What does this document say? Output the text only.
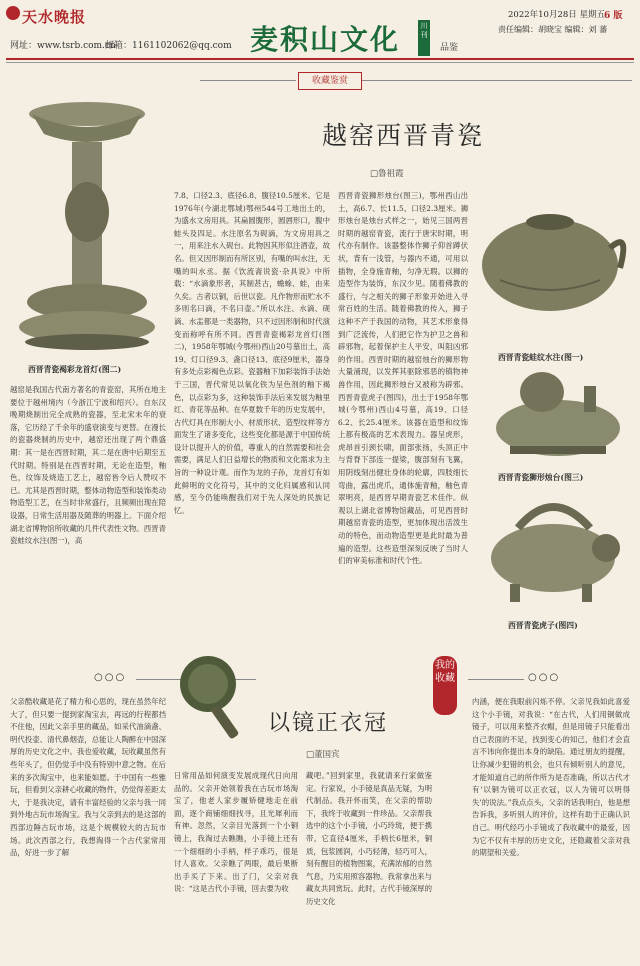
天水晚报
网址：www.tsrb.com.cn
邮箱：1161102062@qq.com 麦积山文化	川 刊
品鉴
2022年10月28日 星期五 6 版
责任编辑：胡晓宝 编辑：刘 蕃
收藏鉴赏
越窑西晋青瓷
□鲁祖霞
西晋青瓷褐彩龙首灯(图二)
越窑是我国古代南方著名的青瓷窑，其所在地主要位于越州境内（今浙江宁波和绍兴）。自东汉晚期烧制出完全成熟的瓷器，至北宋末年的衰落，它历经了千余年的盛衰演变与更替。在漫长的瓷器烧制的历史中，越窑还出现了两个鼎盛期：其一是在西晋时期，其二是在唐中后期至五代时期。特别是在西晋时期，无论在造型，釉色，纹饰及烧造工艺上，越窑皆令后人赞叹不已。尤其是西晋时期，整体动物造型和装饰类动物造型工艺，在当时非常盛行，且频频出现在陪设器，日常生活用器及随葬的明器上。下面介绍湖北省博物馆所收藏的几件代表性文物。西晋青瓷蛙纹水注(图一)，高
7.8、口径2.3、底径6.8、腹径10.5厘米。它是1976年(今湖北鄂城)鄂州544号工地出土的，为盛水文房用具。其扁圆腹形，圆唇形口，腹中蛙头及四足。水注原名为砚滴，为文房用具之一，用来注水入砚台。此物因其形似注酒壶，故名。但又因形制而有所区别，有嘴的叫水注，无嘴的叫水丞。据《饮流斋说瓷·杂具说》中所载：“水滴象形者，其制甚古，蟾蜍、蛙，由来久矣。古者以铜，后世以瓷。凡作物形而贮水不多则名曰滴，不名曰壶。”所以水注、水滴、砚滴、水盂都是一类器物，只不过因形制和时代演变而称呼有所不同。西晋青瓷褐彩龙首灯(图二)，1958年鄂城(今鄂州)西山20号墓出土，高19、灯口径9.3、盏口径13、底径9厘米，器身有多处点彩褐色点彩。瓷器釉下加彩装饰手法始于三国，晋代常见以氧化铁为呈色剂的釉下褐色，以点彩为多，这种装饰手法后来发展为釉里红、青花等品种。在华夏数千年的历史发展中，古代灯具在形制大小、材质形状、造型纹样等方面发生了诸多变化，这些变化都是源于中国传统设计以提升人的价值，尊重人的自然需要和社会需要，满足人们日益增长的物质和文化需求为主旨的一种设计观。而作为龙的子孙，龙首灯有如此鲜明的文化符号，其中的文化归属感和认同感，至今仍能唤醒我们对于先人深处的民族记忆。
西晋青瓷狮形烛台(图三)，鄂州西山出土，高6.7、长11.5、口径2.3厘米。狮形烛台是烛台式样之一，始见三国两晋时期的越窑青瓷，流行于唐宋时期，明代亦有制作。该器整体作狮子仰首蹲伏状，背有一浅管，与器内不通，可用以插物，全身施青釉，匀净无瑕。以狮的造型作为装饰，东汉少见。随着佛教的盛行，与之相关的狮子形象开始进入寻常百姓的生活。随着佛教的传入，狮子这种不产于我国的动物，其艺术形象得到广泛流传，人们把它作为护卫之兽和辟邪物，起着保护主人平安，叫阻凶邪的作用。西晋时期的越窑烛台的狮形物大量涌现，以发挥其驱除邪恶的镇物神兽作用，因此狮形烛台又被称为辟邪。西晋青瓷虎子(图四)，出土于1958年鄂城(今鄂州)西山4号墓，高19、口径6.2、长25.4厘米。该器在造型和纹饰上都有极高的艺术表现力。器呈虎形，虎昂首引颈长啸，面部张扬，头顶正中与背脊下部连一提梁，腹部刻有飞翼，用阴线刻出健壮身体的轮廓，四肢细长弯曲，露出虎爪，通体施青釉，釉色青翠明亮，是西晋早期青瓷艺术佳作。纵观以上湖北省博物馆藏品，可见西晋时期越窑青瓷的造型，更加体现出活泼生动的特色，而动物造型更是此时最为普遍的造型。这些造型深刻反映了当时人们的审美标准和时代个性。
西晋青瓷蛙纹水注(图一)
西晋青瓷狮形烛台(图三)
西晋青瓷虎子(图四)
○○○	○○○
我的收藏
以镜正衣冠
□董国宾
父亲酷收藏是花了精力和心思的，现在虽然年纪大了，但只要一提到家淘宝去，再远的行程都挡不住他，因此父亲手里的藏品，如采代油滴盏、明代投壶、清代鼻烟壶，总能让人陶醉在中国深厚的历史文化之中。我也爱收藏，玩收藏虽然有些年头了，但仍觉手中没有特别中意之物。在后来的多次淘宝中，也来能如愿。于中国有一些雅玩，但看到父亲耕心收藏的物件，仍觉得差距太大，于是我决定，请有丰富经验的父亲与我一同到外地古玩市场淘宝。我与父亲到去的是这部的西部边陲古玩市场，这是个规模较大的古玩市场。此次西部之行，我想淘得一个古代家常用品，好进一步了解
日常用品如何演变发展成现代日向用品的。父亲开始领着我在古玩市场淘宝了，他老人家步履矫健地走在前面，逐个商铺细细找寻，且光犀利而有神。忽然，父亲目光落到一个小铜镜上，我淘过去瞧瞧，小手镜上还有一个细细的小手柄，样子乖巧，很是讨人喜欢。父亲瞧了两眼，最后果断出手买了下来。出了门，父亲对我说：“这是古代小手镜，回去要为收
藏吧。”回到家里，我就请来行家做鉴定。行家说，小手镜是真品无疑，为明代制品。我开怀而笑，在父亲的帮助下，我终于收藏到一件珍品。父亲帮我选中的这个小手镜，小巧玲珑，便于携带。它直径4厘米，手柄长6厘米，铜质，包浆圆润，小巧轻薄，轻巧可人，刻有醒目的植物图案，充满浓郁的自然气息，乃实用照容器物。我常拿出来与藏友共同赏玩。此时，古代手镜深厚的历史文化
内涵，便在我眼前闪烁不停。父亲见我如此喜爱这个小手镜，对我说：“在古代，人们用铜做成镜子，可以用来整齐衣帽，但是用镜子只能看出自己表面的不足，找到变心的知己，他们才会直言不讳向你提出本身的缺陷。通过朋友的提醒，让你减少犯错的机会，也只有倾听别人的意见，才能知道自己的所作所为是否准确，所以古代才有‘以铜为镜可以正衣冠，以人为镜可以明得失’的说法。”我点点头，父亲的话我明白，他是想告诉我，多听别人的评价，这样有助于正确认识自己。明代经巧小手镜成了我收藏中的最爱，因为它不仅有丰厚的历史文化，还隐藏着父亲对我的期望和关爱。
